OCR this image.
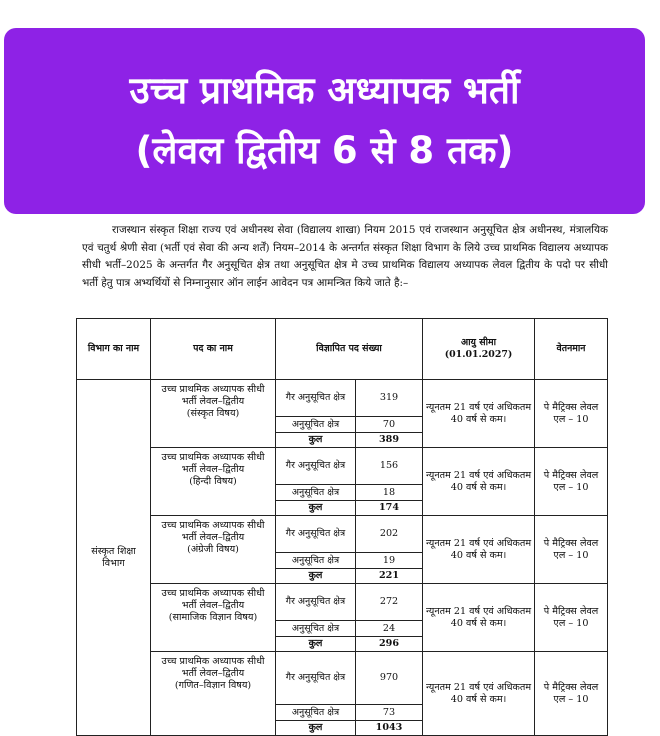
उच्च प्राथमिक अध्यापक भर्ती
(लेवल द्वितीय 6 से 8 तक)
राजस्थान संस्कृत शिक्षा राज्य एवं अधीनस्थ सेवा (विद्यालय शाखा) नियम 2015 एवं राजस्थान अनुसूचित क्षेत्र अधीनस्थ, मंत्रालयिक एवं चतुर्थ श्रेणी सेवा (भर्ती एवं सेवा की अन्य शर्तें) नियम–2014 के अन्तर्गत संस्कृत शिक्षा विभाग के लिये उच्च प्राथमिक विद्यालय अध्यापक सीधी भर्ती–2025 के अन्तर्गत गैर अनुसूचित क्षेत्र तथा अनुसूचित क्षेत्र मे उच्च प्राथमिक विद्यालय अध्यापक लेवल द्वितीय के पदो पर सीधी भर्ती हेतु पात्र अभ्यर्थियों से निम्नानुसार ऑन लाईन आवेदन पत्र आमन्त्रित किये जाते है:–
विभाग का नाम	पद का नाम	विज्ञापित पद संख्या		आयु सीमा
(01.01.2027)	वेतनमान
संस्कृत शिक्षा विभाग	उच्च प्राथमिक अध्यापक सीधी भर्ती लेवल–द्वितीय
(संस्कृत विषय)	गैर अनुसूचित क्षेत्र	319	न्यूनतम 21 वर्ष एवं अधिकतम 40 वर्ष से कम।	पे मैट्रिक्स लेवल एल – 10
		अनुसूचित क्षेत्र	70		
		कुल	389		

	उच्च प्राथमिक अध्यापक सीधी भर्ती लेवल–द्वितीय
(हिन्दी विषय)	गैर अनुसूचित क्षेत्र	156	न्यूनतम 21 वर्ष एवं अधिकतम 40 वर्ष से कम।	पे मैट्रिक्स लेवल एल – 10
		अनुसूचित क्षेत्र	18		
		कुल	174		

	उच्च प्राथमिक अध्यापक सीधी भर्ती लेवल–द्वितीय
(अंग्रेजी विषय)	गैर अनुसूचित क्षेत्र	202	न्यूनतम 21 वर्ष एवं अधिकतम 40 वर्ष से कम।	पे मैट्रिक्स लेवल एल – 10
		अनुसूचित क्षेत्र	19		
		कुल	221		

	उच्च प्राथमिक अध्यापक सीधी भर्ती लेवल–द्वितीय
(सामाजिक विज्ञान विषय)	गैर अनुसूचित क्षेत्र	272	न्यूनतम 21 वर्ष एवं अधिकतम 40 वर्ष से कम।	पे मैट्रिक्स लेवल एल – 10
		अनुसूचित क्षेत्र	24		
		कुल	296		

	उच्च प्राथमिक अध्यापक सीधी भर्ती लेवल–द्वितीय
(गणित–विज्ञान विषय)	गैर अनुसूचित क्षेत्र	970	न्यूनतम 21 वर्ष एवं अधिकतम 40 वर्ष से कम।	पे मैट्रिक्स लेवल एल – 10
		अनुसूचित क्षेत्र	73		
		कुल	1043		
